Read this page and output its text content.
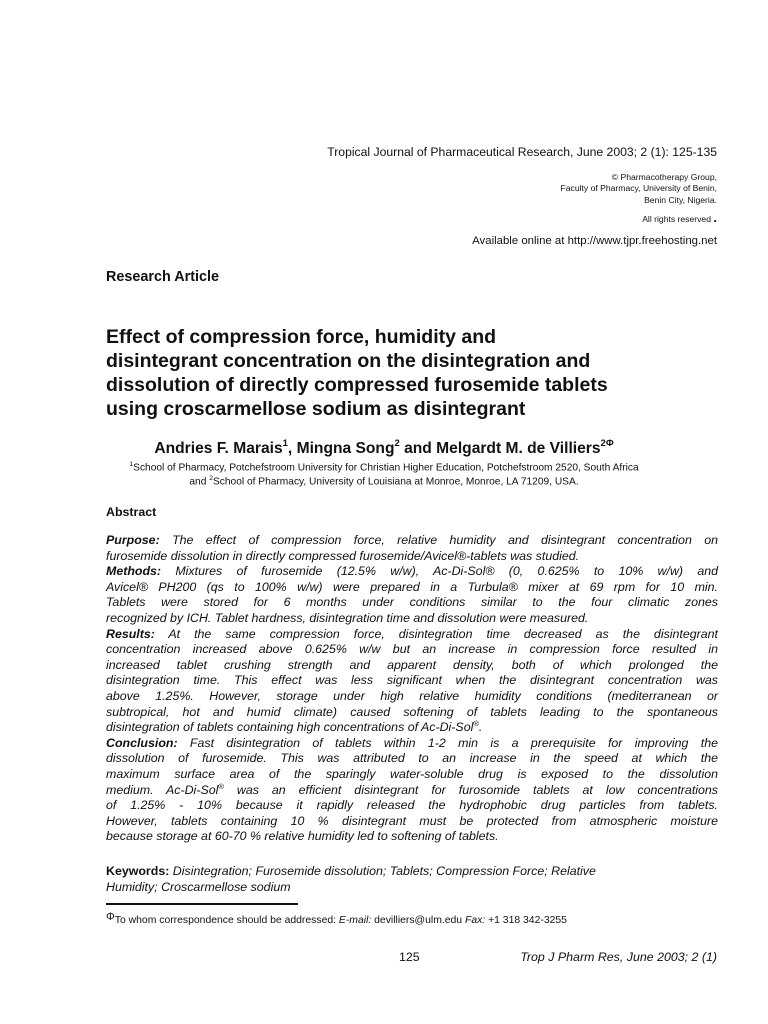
Tropical Journal of Pharmaceutical Research, June 2003; 2 (1): 125-135
© Pharmacotherapy Group,
Faculty of Pharmacy, University of Benin,
Benin City, Nigeria.
All rights reserved .
Available online at http://www.tjpr.freehosting.net
Research Article
Effect of compression force, humidity and
disintegrant concentration on the disintegration and
dissolution of directly compressed furosemide tablets
using croscarmellose sodium as disintegrant
Andries F. Marais$^1$, Mingna Song$^2$ and Melgardt M. de Villiers$^{2\Phi}$
$^1$School of Pharmacy, Potchefstroom University for Christian Higher Education, Potchefstroom 2520, South Africa
and $^2$School of Pharmacy, University of Louisiana at Monroe, Monroe, LA 71209, USA.
Abstract
Purpose: The effect of compression force, relative humidity and disintegrant concentration on
furosemide dissolution in directly compressed furosemide/Avicel®-tablets was studied.
Methods: Mixtures of furosemide (12.5% w/w), Ac-Di-Sol® (0, 0.625% to 10% w/w) and
Avicel® PH200 (qs to 100% w/w) were prepared in a Turbula® mixer at 69 rpm for 10 min.
Tablets were stored for 6 months under conditions similar to the four climatic zones
recognized by ICH. Tablet hardness, disintegration time and dissolution were measured.
Results: At the same compression force, disintegration time decreased as the disintegrant
concentration increased above 0.625% w/w but an increase in compression force resulted in
increased tablet crushing strength and apparent density, both of which prolonged the
disintegration time. This effect was less significant when the disintegrant concentration was
above 1.25%. However, storage under high relative humidity conditions (mediterranean or
subtropical, hot and humid climate) caused softening of tablets leading to the spontaneous
disintegration of tablets containing high concentrations of Ac-Di-Sol®.
Conclusion: Fast disintegration of tablets within 1-2 min is a prerequisite for improving the
dissolution of furosemide. This was attributed to an increase in the speed at which the
maximum surface area of the sparingly water-soluble drug is exposed to the dissolution
medium. Ac-Di-Sol® was an efficient disintegrant for furosomide tablets at low concentrations
of 1.25% - 10% because it rapidly released the hydrophobic drug particles from tablets.
However, tablets containing 10 % disintegrant must be protected from atmospheric moisture
because storage at 60-70 % relative humidity led to softening of tablets.
Keywords: Disintegration; Furosemide dissolution; Tablets; Compression Force; Relative
Humidity; Croscarmellose sodium
ΦTo whom correspondence should be addressed: E-mail: devilliers@ulm.edu Fax: +1 318 342-3255
125	Trop J Pharm Res, June 2003; 2 (1)
